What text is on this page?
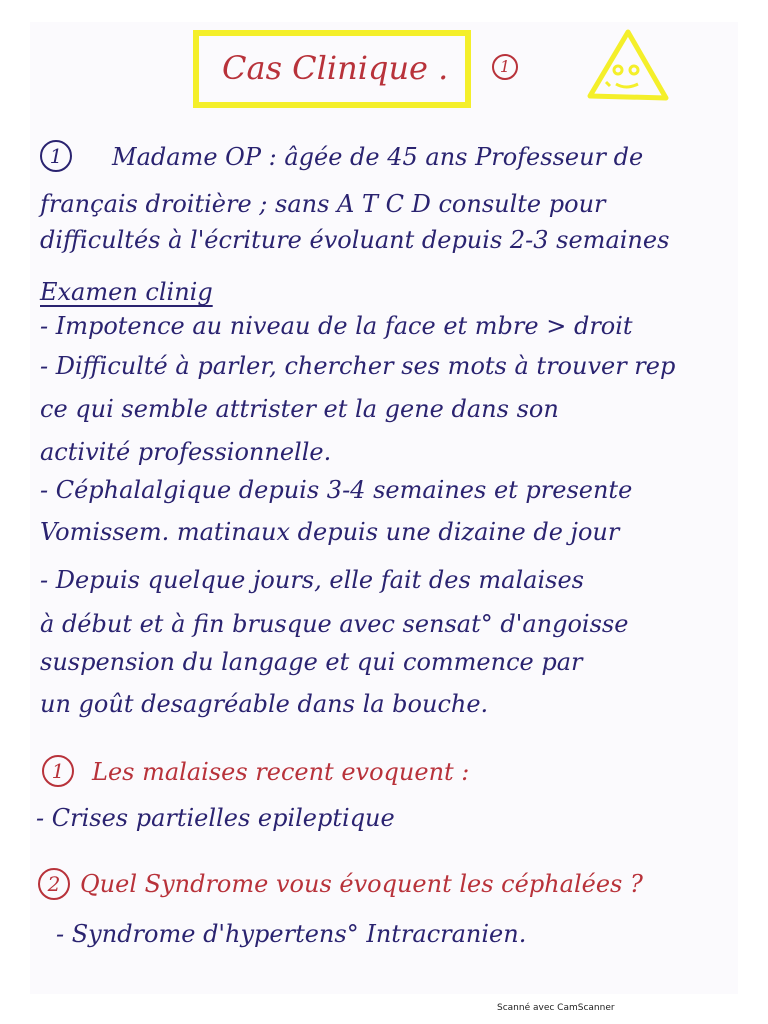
Cas Clinique .	1
1	Madame OP : âgée de 45 ans Professeur de
français droitière ; sans A T C D consulte pour
difficultés à l'écriture évoluant depuis 2-3 semaines
Examen clinig
- Impotence au niveau de la face et mbre > droit
- Difficulté à parler, chercher ses mots à trouver rep
ce qui semble attrister et la gene dans son
activité professionnelle.
- Céphalalgique depuis 3-4 semaines et presente
Vomissem. matinaux depuis une dizaine de jour
- Depuis quelque jours, elle fait des malaises
à début et à fin brusque avec sensat° d'angoisse
suspension du langage et qui commence par
un goût desagréable dans la bouche.
1	Les malaises recent evoquent :
- Crises partielles epileptique
2 Quel Syndrome vous évoquent les céphalées ?
- Syndrome d'hypertens° Intracranien.
Scanné avec CamScanner
